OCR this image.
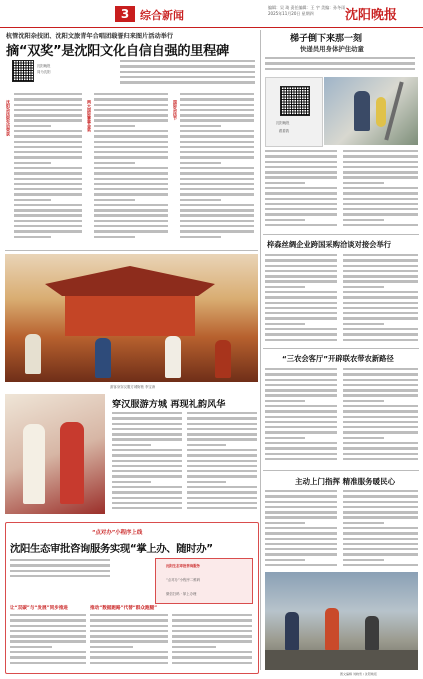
3 综合新闻
编辑：吴 琦 责任编辑：王 宇 美编：孙冬雨
2025年11月20日 星期四	沈阳晚报
杭管沈阳杂技团、沈阳文旅青年合唱团载誉归来图片活动举行
摘“双奖”是沈阳文化自信自强的里程碑
沈阳晚报
同为沈阳
沈阳杂技院先后荣获	两大国际赛事金奖	国际杂技节
梯子倒下来那一刻
快递员用身体护住幼童
沈阳晚报
跟着我
梓森丝绸企业跨国采购洽谈对接会举行
“三农会客厅”开辟联农带农新路径
主动上门指挥 精准服务暖民心
游客身穿汉服方城街巷 李宝涛
穿汉服游方城 再现礼韵风华
“点对办”小程序上线
沈阳生态审批咨询服务实现“掌上办、随时办”
沈阳生态审批咨询服务
“点对办”小程序二维码
微信扫码 · 掌上办理
让“双碳”与“发展”同步推进	推动“数据跑路”代替“群众跑腿”
图文编辑 刘晓雪 / 沈阳晚报
